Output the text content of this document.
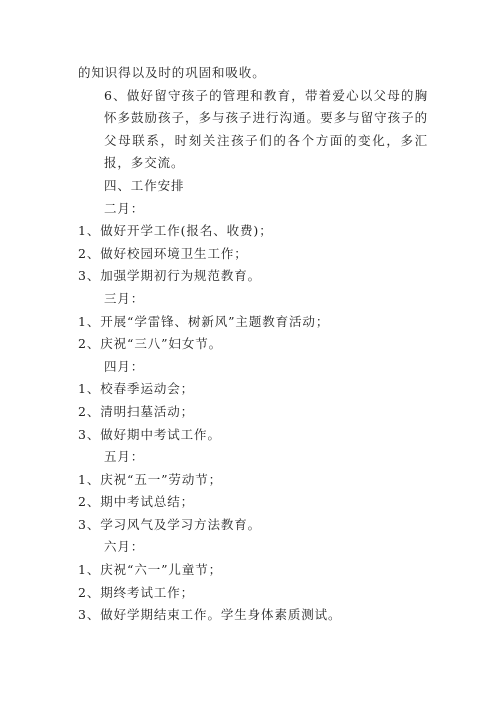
的知识得以及时的巩固和吸收。

6、做好留守孩子的管理和教育，带着爱心以父母的胸怀多鼓励孩子，多与孩子进行沟通。要多与留守孩子的父母联系，时刻关注孩子们的各个方面的变化，多汇报，多交流。

四、工作安排

二月：

1、做好开学工作(报名、收费)；

2、做好校园环境卫生工作；

3、加强学期初行为规范教育。

三月：

1、开展“学雷锋、树新风”主题教育活动；

2、庆祝“三八”妇女节。

四月：

1、校春季运动会；

2、清明扫墓活动；

3、做好期中考试工作。

五月：

1、庆祝“五一”劳动节；

2、期中考试总结；

3、学习风气及学习方法教育。

六月：

1、庆祝“六一”儿童节；

2、期终考试工作；

3、做好学期结束工作。学生身体素质测试。
